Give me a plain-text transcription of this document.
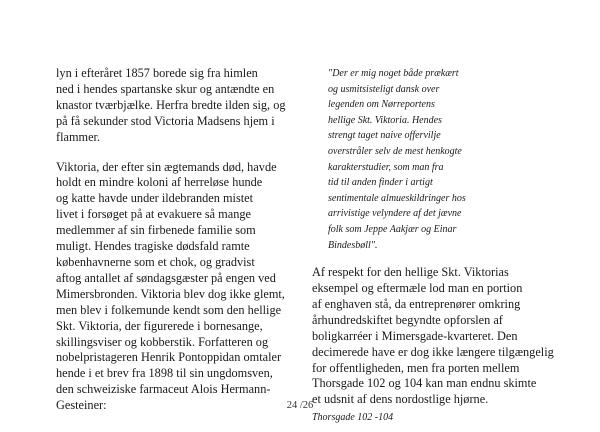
lyn i efteråret 1857 borede sig fra himlen
ned i hendes spartanske skur og antændte en
knastor tværbjælke. Herfra bredte ilden sig, og
på få sekunder stod Victoria Madsens hjem i
flammer.
Viktoria, der efter sin ægtemands død, havde
holdt en mindre koloni af herreløse hunde
og katte havde under ildebranden mistet
livet i forsøget på at evakuere så mange
medlemmer af sin firbenede familie som
muligt. Hendes tragiske dødsfald ramte
københavnerne som et chok, og gradvist
aftog antallet af søndagsgæster på engen ved
Mimersbronden. Viktoria blev dog ikke glemt,
men blev i folkemunde kendt som den hellige
Skt. Viktoria, der figurerede i bornesange,
skillingsviser og kobberstik. Forfatteren og
nobelpristageren Henrik Pontoppidan omtaler
hende i et brev fra 1898 til sin ungdomsven,
den schweiziske farmaceut Alois Hermann-
Gesteiner:
"Der er mig noget både prækært
og usmitsisteligt dansk over
legenden om Nørreportens
hellige Skt. Viktoria. Hendes
strengt taget naive offervilje
overstråler selv de mest henkogte
karakterstudier, som man fra
tid til anden finder i artigt
sentimentale almueskildringer hos
arrivistige velyndere af det jævne
folk som Jeppe Aakjær og Einar
Bindesbøll".
Af respekt for den hellige Skt. Viktorias
eksempel og eftermæle lod man en portion
af enghaven stå, da entreprenører omkring
århundredskiftet begyndte opforslen af
boligkarréer i Mimersgade-kvarteret. Den
decimerede have er dog ikke længere tilgængelig
for offentligheden, men fra porten mellem
Thorsgade 102 og 104 kan man endnu skimte
et udsnit af dens nordostlige hjørne.
Thorsgade 102 -104
24 /26
